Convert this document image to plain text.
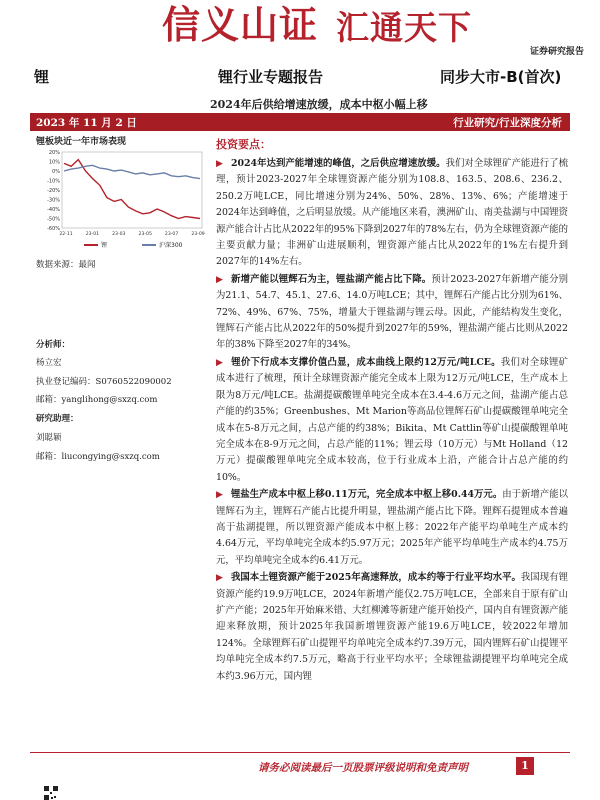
信义山证 汇通天下
证券研究报告
锂	锂行业专题报告	同步大市-B(首次)
2024年后供给增速放缓，成本中枢小幅上移
2023 年 11 月 2 日	行业研究/行业深度分析
锂板块近一年市场表现
20%
10%
0%
-10%
-20%
-30%
-40%
-50%
-60%
22-11	23-01	23-03	23-05	23-07	23-09
锂	沪深300
数据来源：最闻
分析师：
杨立宏
执业登记编码：S0760522090002
邮箱：yanglihong@sxzq.com
研究助理：
刘聪颖
邮箱：liucongying@sxzq.com
投资要点：

▶ 2024年达到产能增速的峰值，之后供应增速放缓。我们对全球锂矿产能进行了梳理，预计2023-2027年全球锂资源产能分别为108.8、163.5、208.6、236.2、250.2万吨LCE，同比增速分别为24%、50%、28%、13%、6%；产能增速于2024年达到峰值，之后明显放缓。从产能地区来看，澳洲矿山、南美盐湖与中国锂资源产能合计占比从2022年的95%下降到2027年的78%左右，仍为全球锂资源产能的主要贡献力量；非洲矿山进展顺利，锂资源产能占比从2022年的1%左右提升到2027年的14%左右。

▶ 新增产能以锂辉石为主，锂盐湖产能占比下降。预计2023-2027年新增产能分别为21.1、54.7、45.1、27.6、14.0万吨LCE；其中，锂辉石产能占比分别为61%、72%、49%、67%、75%，增量大于锂盐湖与锂云母。因此，产能结构发生变化，锂辉石产能占比从2022年的50%提升到2027年的59%，锂盐湖产能占比则从2022年的38%下降至2027年的34%。

▶ 锂价下行成本支撑价值凸显，成本曲线上限约12万元/吨LCE。我们对全球锂矿成本进行了梳理，预计全球锂资源产能完全成本上限为12万元/吨LCE，生产成本上限为8万元/吨LCE。盐湖提碳酸锂单吨完全成本在3.4-4.6万元之间，盐湖产能占总产能的约35%；Greenbushes、Mt Marion等高品位锂辉石矿山提碳酸锂单吨完全成本在5-8万元之间，占总产能的约38%；Bikita、Mt Cattlin等矿山提碳酸锂单吨完全成本在8-9万元之间，占总产能的11%；锂云母（10万元）与Mt Holland（12万元）提碳酸锂单吨完全成本较高，位于行业成本上沿，产能合计占总产能的约10%。

▶ 锂盐生产成本中枢上移0.11万元，完全成本中枢上移0.44万元。由于新增产能以锂辉石为主，锂辉石产能占比提升明显，锂盐湖产能占比下降。锂辉石提锂成本普遍高于盐湖提锂，所以锂资源产能成本中枢上移：2022年产能平均单吨生产成本约4.64万元，平均单吨完全成本约5.97万元；2025年产能平均单吨生产成本约4.75万元，平均单吨完全成本约6.41万元。

▶ 我国本土锂资源产能于2025年高速释放，成本约等于行业平均水平。我国现有锂资源产能约19.9万吨LCE，2024年新增产能仅2.75万吨LCE，全部来自于原有矿山扩产产能；2025年开始麻米错、大红柳滩等新建产能开始投产，国内自有锂资源产能迎来释放期，预计2025年我国新增锂资源产能19.6万吨LCE，较2022年增加124%。全球锂辉石矿山提锂平均单吨完全成本约7.39万元，国内锂辉石矿山提锂平均单吨完全成本约7.5万元，略高于行业平均水平；全球锂盐湖提锂平均单吨完全成本约3.96万元，国内锂

请务必阅读最后一页股票评级说明和免责声明	1
